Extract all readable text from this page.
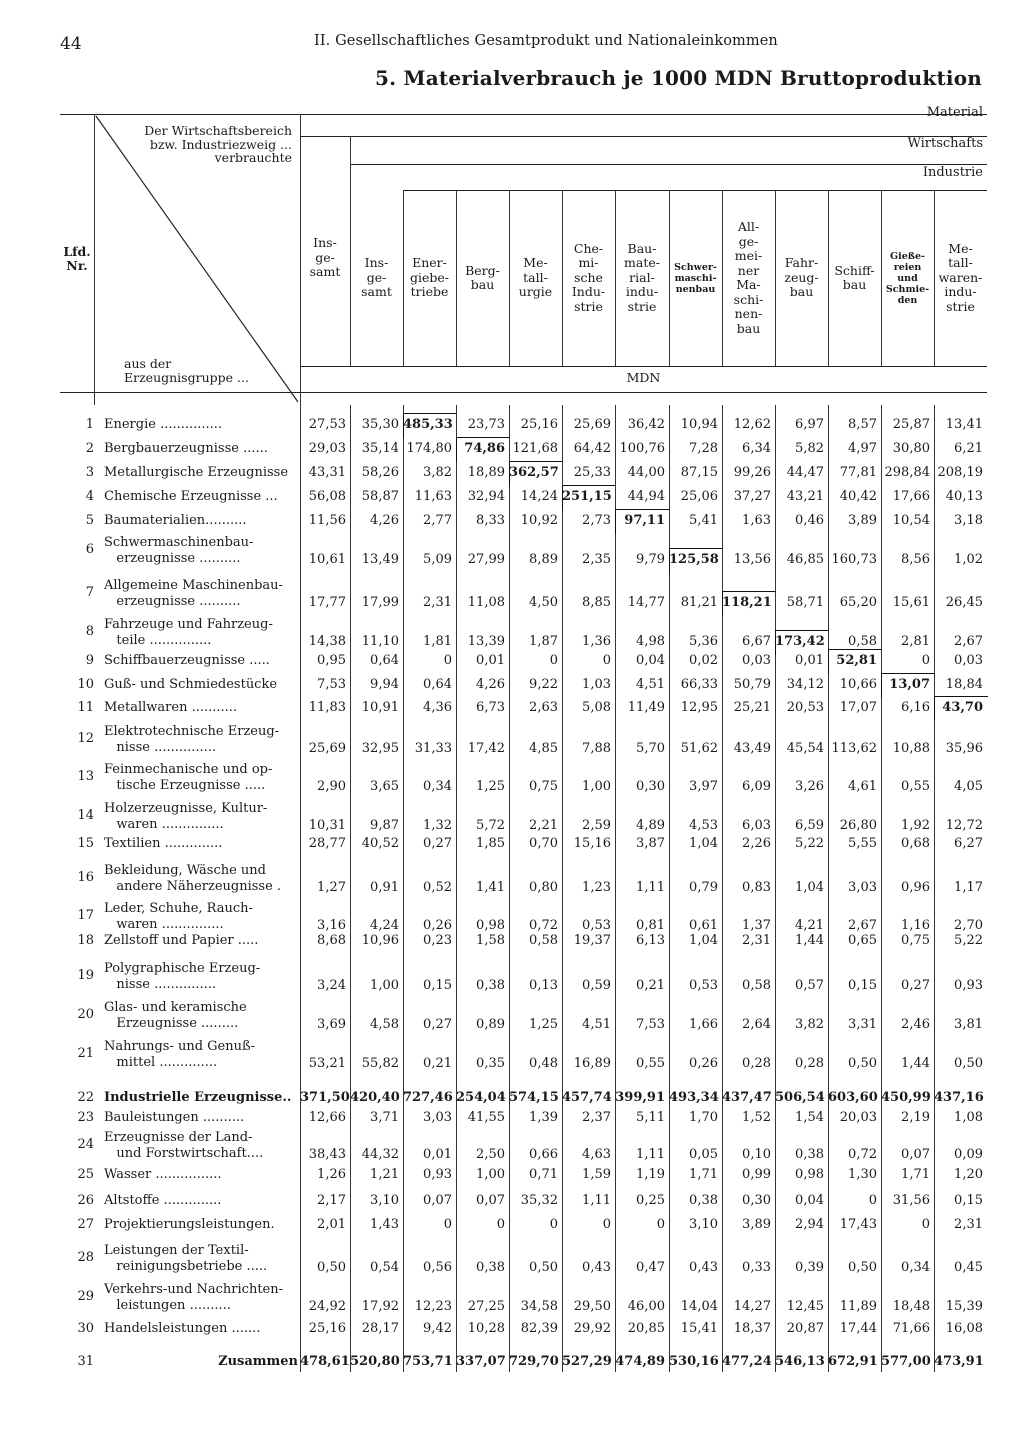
44	II. Gesellschaftliches Gesamtprodukt und Nationaleinkommen
5. Materialverbrauch je 1000 MDN Bruttoproduktion
Material
Wirtschafts
Industrie
Der Wirtschaftsbereich
bzw. Industriezweig ...
verbrauchte
aus der
Erzeugnisgruppe ...
Lfd.
Nr.
MDN
Ins-
ge-
samt
Ins-
ge-
samt
Ener-
giebe-
triebe
Berg-
bau
Me-
tall-
urgie
Che-
mi-
sche
Indu-
strie
Bau-
mate-
rial-
indu-
strie
Schwer-
maschi-
nenbau
All-
ge-
mei-
ner
Ma-
schi-
nen-
bau
Fahr-
zeug-
bau
Schiff-
bau
Gieße-
reien
und
Schmie-
den
Me-
tall-
waren-
indu-
strie
1 Energie ...............	27,53	35,30 485,33	23,73	25,16	25,69	36,42	10,94	12,62	6,97	8,57	25,87	13,41
2 Bergbauerzeugnisse ......	29,03	35,14 174,80 74,86 121,68	64,42 100,76	7,28	6,34	5,82	4,97	30,80	6,21
3 Metallurgische Erzeugnisse	43,31	58,26	3,82	18,89 362,57	25,33	44,00	87,15	99,26	44,47	77,81 298,84 208,19
4 Chemische Erzeugnisse ...	56,08	58,87	11,63	32,94	14,24 251,15	44,94	25,06	37,27	43,21	40,42	17,66	40,13
5 Baumaterialien..........	11,56	4,26	2,77	8,33	10,92	2,73	97,11	5,41	1,63	0,46	3,89	10,54	3,18
6 Schwermaschinenbau-
erzeugnisse ..........	10,61	13,49	5,09	27,99	8,89	2,35	9,79 125,58	13,56	46,85 160,73	8,56	1,02
7 Allgemeine Maschinenbau-
erzeugnisse ..........	17,77	17,99	2,31	11,08	4,50	8,85	14,77	81,21 118,21	58,71	65,20	15,61	26,45
8 Fahrzeuge und Fahrzeug-
teile ...............	14,38	11,10	1,81	13,39	1,87	1,36	4,98	5,36	6,67 173,42	0,58	2,81	2,67
9 Schiffbauerzeugnisse .....	0,95	0,64	0	0,01	0	0	0,04	0,02	0,03	0,01 52,81	0	0,03
10 Guß- und Schmiedestücke	7,53	9,94	0,64	4,26	9,22	1,03	4,51	66,33	50,79	34,12	10,66 13,07	18,84
11 Metallwaren ...........	11,83	10,91	4,36	6,73	2,63	5,08	11,49	12,95	25,21	20,53	17,07	6,16 43,70
12 Elektrotechnische Erzeug-
nisse ...............	25,69	32,95	31,33	17,42	4,85	7,88	5,70	51,62	43,49	45,54 113,62	10,88	35,96
13 Feinmechanische und op-
tische Erzeugnisse .....	2,90	3,65	0,34	1,25	0,75	1,00	0,30	3,97	6,09	3,26	4,61	0,55	4,05
14 Holzerzeugnisse, Kultur-
waren ...............	10,31	9,87	1,32	5,72	2,21	2,59	4,89	4,53	6,03	6,59	26,80	1,92	12,72
15 Textilien ..............	28,77	40,52	0,27	1,85	0,70	15,16	3,87	1,04	2,26	5,22	5,55	0,68	6,27
16 Bekleidung, Wäsche und
andere Näherzeugnisse .	1,27	0,91	0,52	1,41	0,80	1,23	1,11	0,79	0,83	1,04	3,03	0,96	1,17
17 Leder, Schuhe, Rauch-
waren ...............	3,16	4,24	0,26	0,98	0,72	0,53	0,81	0,61	1,37	4,21	2,67	1,16	2,70
18 Zellstoff und Papier .....	8,68	10,96	0,23	1,58	0,58	19,37	6,13	1,04	2,31	1,44	0,65	0,75	5,22
19 Polygraphische Erzeug-
nisse ...............	3,24	1,00	0,15	0,38	0,13	0,59	0,21	0,53	0,58	0,57	0,15	0,27	0,93
20 Glas- und keramische
Erzeugnisse .........	3,69	4,58	0,27	0,89	1,25	4,51	7,53	1,66	2,64	3,82	3,31	2,46	3,81
21 Nahrungs- und Genuß-
mittel ..............	53,21	55,82	0,21	0,35	0,48	16,89	0,55	0,26	0,28	0,28	0,50	1,44	0,50
22 Industrielle Erzeugnisse.. 371,50 420,40 727,46 254,04 574,15 457,74 399,91 493,34 437,47 506,54 603,60 450,99 437,16
23 Bauleistungen ..........	12,66	3,71	3,03	41,55	1,39	2,37	5,11	1,70	1,52	1,54	20,03	2,19	1,08
24 Erzeugnisse der Land-
und Forstwirtschaft....	38,43	44,32	0,01	2,50	0,66	4,63	1,11	0,05	0,10	0,38	0,72	0,07	0,09
25 Wasser ................	1,26	1,21	0,93	1,00	0,71	1,59	1,19	1,71	0,99	0,98	1,30	1,71	1,20
26 Altstoffe ..............	2,17	3,10	0,07	0,07	35,32	1,11	0,25	0,38	0,30	0,04	0	31,56	0,15
27 Projektierungsleistungen.	2,01	1,43	0	0	0	0	0	3,10	3,89	2,94	17,43	0	2,31
28 Leistungen der Textil-
reinigungsbetriebe .....	0,50	0,54	0,56	0,38	0,50	0,43	0,47	0,43	0,33	0,39	0,50	0,34	0,45
29 Verkehrs-und Nachrichten-
leistungen ..........	24,92	17,92	12,23	27,25	34,58	29,50	46,00	14,04	14,27	12,45	11,89	18,48	15,39
30 Handelsleistungen .......	25,16	28,17	9,42	10,28	82,39	29,92	20,85	15,41	18,37	20,87	17,44	71,66	16,08
31	Zusammen 478,61 520,80 753,71 337,07 729,70 527,29 474,89 530,16 477,24 546,13 672,91 577,00 473,91
